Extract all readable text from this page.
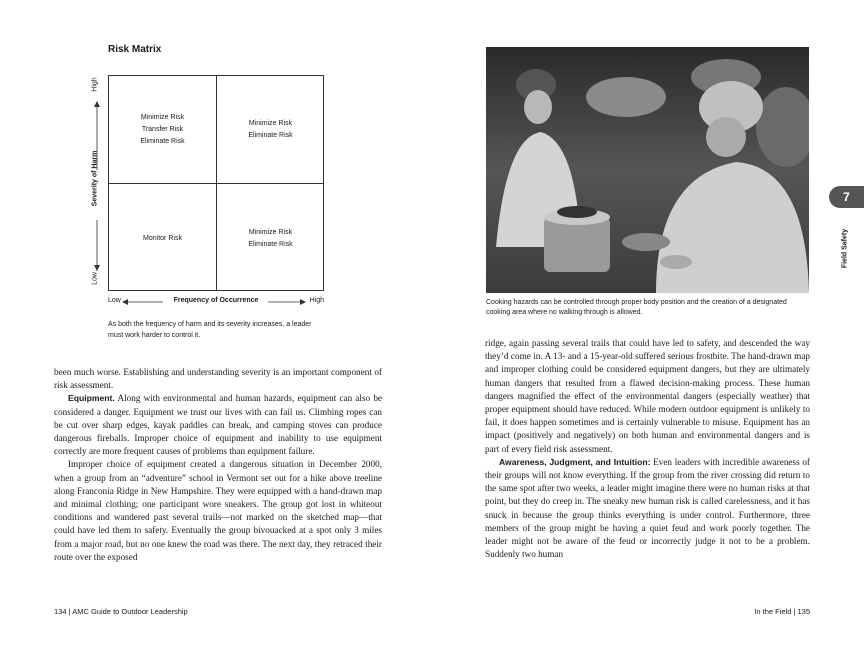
Risk Matrix
High
Severity of Harm
Low
Minimize Risk
Transfer Risk
Eliminate Risk
Minimize Risk
Eliminate Risk
Monitor Risk
Minimize Risk
Eliminate Risk
Low	Frequency of Occurrence	High
As both the frequency of harm and its severity increases, a leader must work harder to control it.

been much worse. Establishing and understanding severity is an important component of risk assessment.

Equipment. Along with environmental and human hazards, equipment can also be considered a danger. Equipment we trust our lives with can fail us. Climbing ropes can be cut over sharp edges, kayak paddles can break, and camping stoves can produce dangerous fireballs. Improper choice of equipment and inability to use equipment correctly are more frequent causes of problems than equipment failure.

Improper choice of equipment created a dangerous situation in December 2000, when a group from an “adventure” school in Vermont set out for a hike above treeline along Franconia Ridge in New Hampshire. They were equipped with a hand-drawn map and minimal clothing; one participant wore sneakers. The group got lost in whiteout conditions and wandered past several trails—not marked on the sketched map—that could have led them to safety. Eventually the group bivouacked at a spot only 3 miles from a major road, but no one knew the road was there. The next day, they retraced their route over the exposed

134 | AMC Guide to Outdoor Leadership
Cooking hazards can be controlled through proper body position and the creation of a designated cooking area where no walking through is allowed.
7
Field Safety

ridge, again passing several trails that could have led to safety, and descended the way they’d come in. A 13- and a 15-year-old suffered serious frostbite. The hand-drawn map and improper clothing could be considered equipment dangers, but they are ultimately human dangers that resulted from a flawed decision-making process. These human dangers magnified the effect of the environmental dangers (especially weather) that proper equipment should have reduced. While modern outdoor equipment is unlikely to fail, it does happen sometimes and is certainly vulnerable to misuse. Equipment has an impact (positively and negatively) on both human and environmental dangers and is part of every field risk assessment.

Awareness, Judgment, and Intuition: Even leaders with incredible awareness of their groups will not know everything. If the group from the river crossing did return to the same spot after two weeks, a leader might imagine there were no human risks at that point, but they do creep in. The sneaky new human risk is called carelessness, and it has snuck in because the group thinks everything is under control. Furthermore, three members of the group might be having a quiet feud and work poorly together. The leader might not be aware of the feud or incorrectly judge it not to be a problem. Suddenly two human

In the Field | 135
